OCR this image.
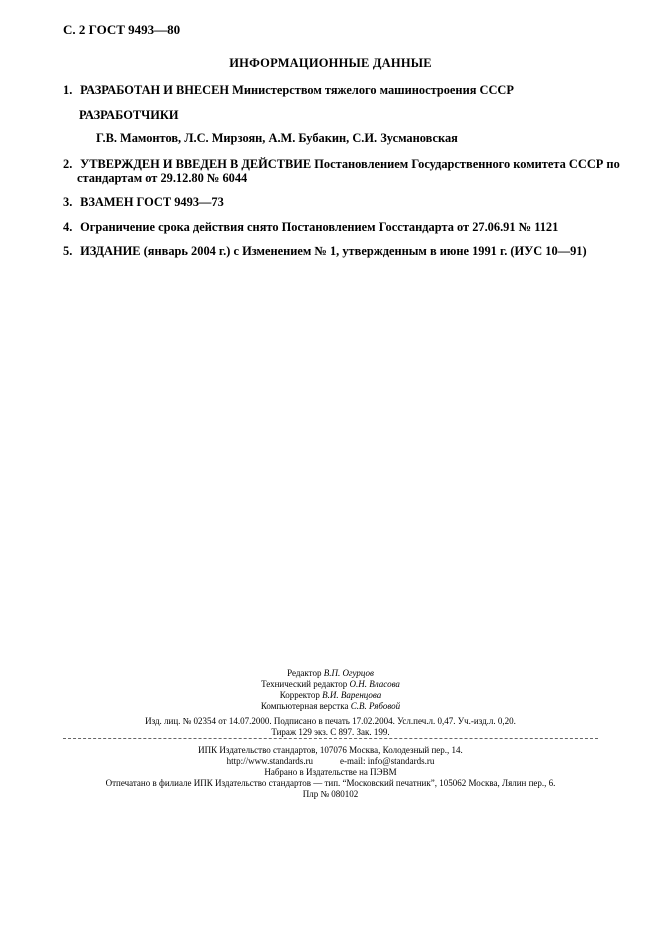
С. 2 ГОСТ 9493—80
ИНФОРМАЦИОННЫЕ ДАННЫЕ
1. РАЗРАБОТАН И ВНЕСЕН Министерством тяжелого машиностроения СССР
РАЗРАБОТЧИКИ
Г.В. Мамонтов, Л.С. Мирзоян, А.М. Бубакин, С.И. Зусмановская
2. УТВЕРЖДЕН И ВВЕДЕН В ДЕЙСТВИЕ Постановлением Государственного комитета СССР по
стандартам от 29.12.80 № 6044
3. ВЗАМЕН ГОСТ 9493—73
4. Ограничение срока действия снято Постановлением Госстандарта от 27.06.91 № 1121
5. ИЗДАНИЕ (январь 2004 г.) с Изменением № 1, утвержденным в июне 1991 г. (ИУС 10—91)
Редактор В.П. Огурцов
Технический редактор О.Н. Власова
Корректор В.И. Варенцова
Компьютерная верстка С.В. Рябовой
Изд. лиц. № 02354 от 14.07.2000. Подписано в печать 17.02.2004. Усл.печ.л. 0,47. Уч.-изд.л. 0,20.
Тираж 129 экз. С 897. Зак. 199.
ИПК Издательство стандартов, 107076 Москва, Колодезный пер., 14.
http://www.standards.ru            e-mail: info@standards.ru
Набрано в Издательстве на ПЭВМ
Отпечатано в филиале ИПК Издательство стандартов — тип. “Московский печатник”, 105062 Москва, Лялин пер., 6.
Плр № 080102
